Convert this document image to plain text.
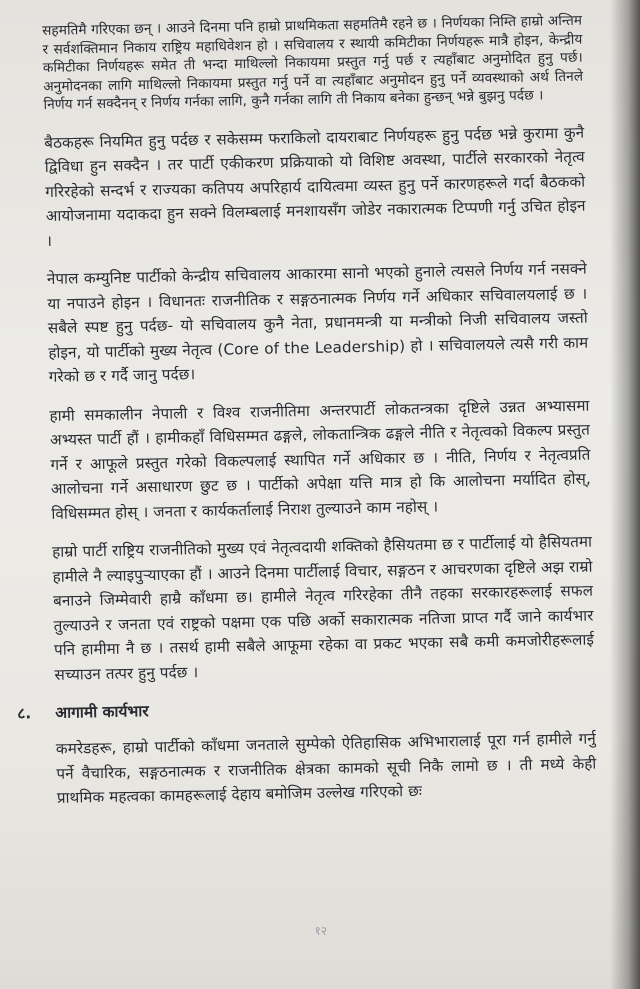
सहमतिमै गरिएका छन् । आउने दिनमा पनि हाम्रो प्राथमिकता सहमतिमै रहने छ । निर्णयका निम्ति हाम्रो अन्तिम र सर्वशक्तिमान निकाय राष्ट्रिय महाधिवेशन हो । सचिवालय र स्थायी कमिटीका निर्णयहरू मात्रै होइन, केन्द्रीय कमिटीका निर्णयहरू समेत ती भन्दा माथिल्लो निकायमा प्रस्तुत गर्नु पर्छ र त्यहाँबाट अनुमोदित हुनु पर्छ। अनुमोदनका लागि माथिल्लो निकायमा प्रस्तुत गर्नु पर्ने वा त्यहाँबाट अनुमोदन हुनु पर्ने व्यवस्थाको अर्थ तिनले निर्णय गर्न सक्दैनन् र निर्णय गर्नका लागि, कुनै गर्नका लागि ती निकाय बनेका हुन्छन् भन्ने बुझनु पर्दछ ।

बैठकहरू नियमित हुनु पर्दछ र सकेसम्म फराकिलो दायराबाट निर्णयहरू हुनु पर्दछ भन्ने कुरामा कुनै द्विविधा हुन सक्दैन । तर पार्टी एकीकरण प्रक्रियाको यो विशिष्ट अवस्था, पार्टीले सरकारको नेतृत्व गरिरहेको सन्दर्भ र राज्यका कतिपय अपरिहार्य दायित्वमा व्यस्त हुनु पर्ने कारणहरूले गर्दा बैठकको आयोजनामा यदाकदा हुन सक्ने विलम्बलाई मनशायसँग जोडेर नकारात्मक टिप्पणी गर्नु उचित होइन ।

नेपाल कम्युनिष्ट पार्टीको केन्द्रीय सचिवालय आकारमा सानो भएको हुनाले त्यसले निर्णय गर्न नसक्ने या नपाउने होइन । विधानतः राजनीतिक र सङ्गठनात्मक निर्णय गर्ने अधिकार सचिवालयलाई छ । सबैले स्पष्ट हुनु पर्दछ- यो सचिवालय कुनै नेता, प्रधानमन्त्री या मन्त्रीको निजी सचिवालय जस्तो होइन, यो पार्टीको मुख्य नेतृत्व (Core of the Leadership) हो । सचिवालयले त्यसै गरी काम गरेको छ र गर्दै जानु पर्दछ।

हामी समकालीन नेपाली र विश्व राजनीतिमा अन्तरपार्टी लोकतन्त्रका दृष्टिले उन्नत अभ्यासमा अभ्यस्त पार्टी हौं । हामीकहाँ विधिसम्मत ढङ्गले, लोकतान्त्रिक ढङ्गले नीति र नेतृत्वको विकल्प प्रस्तुत गर्ने र आफूले प्रस्तुत गरेको विकल्पलाई स्थापित गर्ने अधिकार छ । नीति, निर्णय र नेतृत्वप्रति आलोचना गर्ने असाधारण छुट छ । पार्टीको अपेक्षा यत्ति मात्र हो कि आलोचना मर्यादित होस्, विधिसम्मत होस् । जनता र कार्यकर्तालाई निराश तुल्याउने काम नहोस् ।

हाम्रो पार्टी राष्ट्रिय राजनीतिको मुख्य एवं नेतृत्वदायी शक्तिको हैसियतमा छ र पार्टीलाई यो हैसियतमा हामीले नै ल्याइपुऱ्याएका हौं । आउने दिनमा पार्टीलाई विचार, सङ्गठन र आचरणका दृष्टिले अझ राम्रो बनाउने जिम्मेवारी हाम्रै काँधमा छ। हामीले नेतृत्व गरिरहेका तीनै तहका सरकारहरूलाई सफल तुल्याउने र जनता एवं राष्ट्रको पक्षमा एक पछि अर्को सकारात्मक नतिजा प्राप्त गर्दै जाने कार्यभार पनि हामीमा नै छ । तसर्थ हामी सबैले आफूमा रहेका वा प्रकट भएका सबै कमी कमजोरीहरूलाई सच्याउन तत्पर हुनु पर्दछ ।

८. आगामी कार्यभार

कमरेडहरू, हाम्रो पार्टीको काँधमा जनताले सुम्पेको ऐतिहासिक अभिभारालाई पूरा गर्न हामीले गर्नु पर्ने वैचारिक, सङ्गठनात्मक र राजनीतिक क्षेत्रका कामको सूची निकै लामो छ । ती मध्ये केही प्राथमिक महत्वका कामहरूलाई देहाय बमोजिम उल्लेख गरिएको छः

१२
